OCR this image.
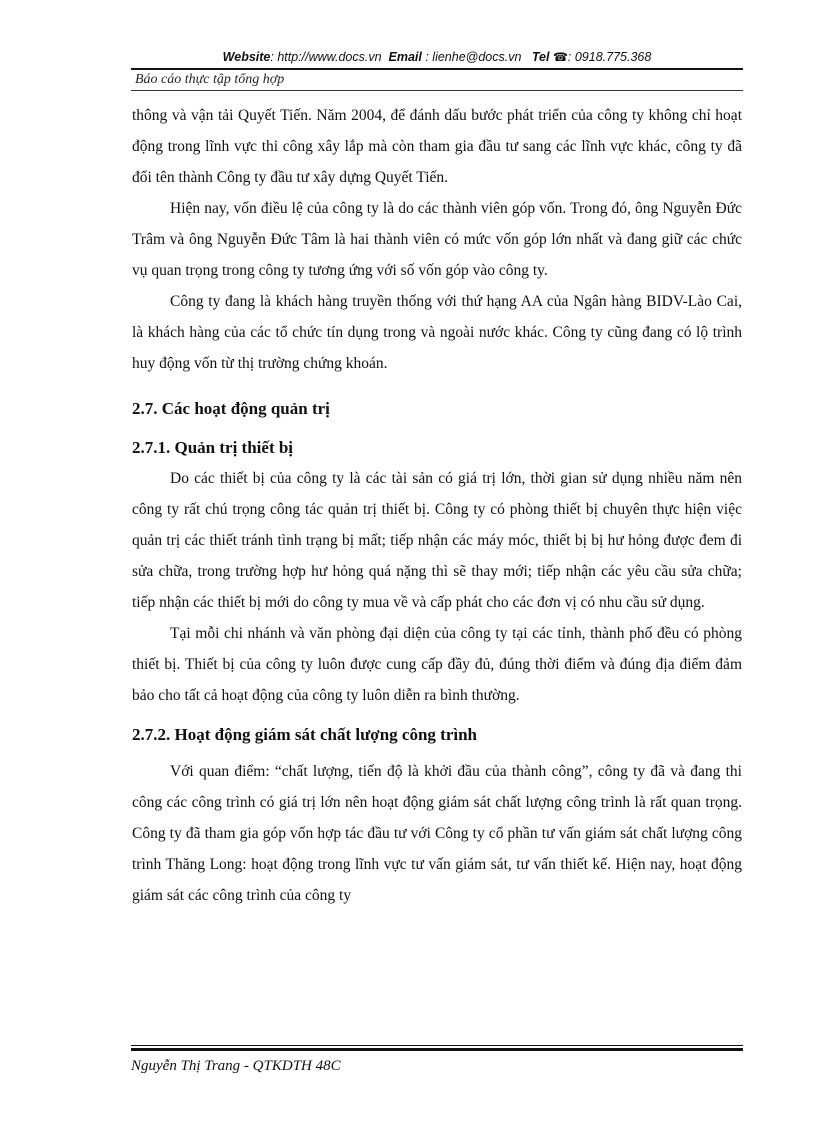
Website: http://www.docs.vn Email : lienhe@docs.vn Tel ☎: 0918.775.368
Báo cáo thực tập tổng hợp

thông và vận tải Quyết Tiến. Năm 2004, để đánh dấu bước phát triển của công ty không chỉ hoạt động trong lĩnh vực thi công xây lắp mà còn tham gia đầu tư sang các lĩnh vực khác, công ty đã đổi tên thành Công ty đầu tư xây dựng Quyết Tiến.

Hiện nay, vốn điều lệ của công ty là do các thành viên góp vốn. Trong đó, ông Nguyễn Đức Trâm và ông Nguyễn Đức Tâm là hai thành viên có mức vốn góp lớn nhất và đang giữ các chức vụ quan trọng trong công ty tương ứng với số vốn góp vào công ty.

Công ty đang là khách hàng truyền thống với thứ hạng AA của Ngân hàng BIDV-Lào Cai, là khách hàng của các tổ chức tín dụng trong và ngoài nước khác. Công ty cũng đang có lộ trình huy động vốn từ thị trường chứng khoán.

2.7. Các hoạt động quản trị
2.7.1. Quản trị thiết bị

Do các thiết bị của công ty là các tài sản có giá trị lớn, thời gian sử dụng nhiều năm nên công ty rất chú trọng công tác quản trị thiết bị. Công ty có phòng thiết bị chuyên thực hiện việc quản trị các thiết tránh tình trạng bị mất; tiếp nhận các máy móc, thiết bị bị hư hỏng được đem đi sửa chữa, trong trường hợp hư hỏng quá nặng thì sẽ thay mới; tiếp nhận các yêu cầu sửa chữa; tiếp nhận các thiết bị mới do công ty mua về và cấp phát cho các đơn vị có nhu cầu sử dụng.

Tại mỗi chi nhánh và văn phòng đại diện của công ty tại các tỉnh, thành phố đều có phòng thiết bị. Thiết bị của công ty luôn được cung cấp đầy đủ, đúng thời điểm và đúng địa điểm đảm bảo cho tất cả hoạt động của công ty luôn diễn ra bình thường.

2.7.2. Hoạt động giám sát chất lượng công trình

Với quan điểm: “chất lượng, tiến độ là khởi đầu của thành công”, công ty đã và đang thi công các công trình có giá trị lớn nên hoạt động giám sát chất lượng công trình là rất quan trọng. Công ty đã tham gia góp vốn hợp tác đầu tư với Công ty cổ phần tư vấn giám sát chất lượng công trình Thăng Long: hoạt động trong lĩnh vực tư vấn giám sát, tư vấn thiết kế. Hiện nay, hoạt động giám sát các công trình của công ty

Nguyễn Thị Trang - QTKDTH 48C
